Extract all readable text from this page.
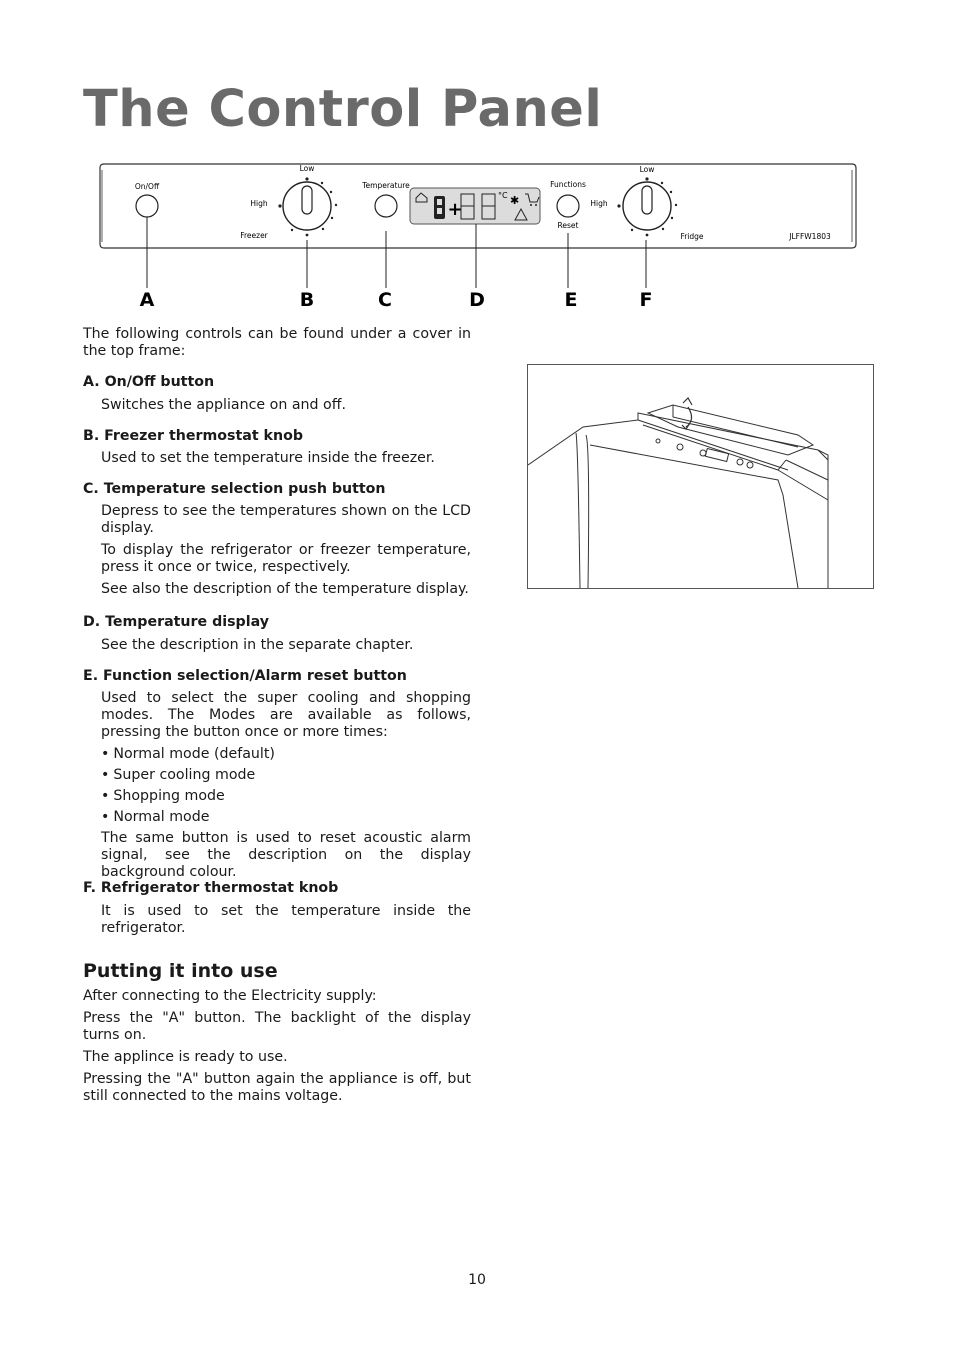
The Control Panel
On/Off
Low
High
Freezer
Temperature
+
°C ✱
Functions
Reset
Low
High
Fridge	JLFFW1803
A	B	C	D	E	F
The following controls can be found under a cover in the top frame:
A. On/Off button
Switches the appliance on and off.
B. Freezer thermostat knob
Used to set the temperature inside the freezer.
C. Temperature selection push button

Depress to see the temperatures shown on the LCD display.

To display the refrigerator or freezer temperature, press it once or twice, respectively.

See also the description of the temperature display.

D. Temperature display
See the description in the separate chapter.
E. Function selection/Alarm reset button

Used to select the super cooling and shopping modes. The Modes are available as follows, pressing the button once or more times:

• Normal mode (default)
• Super cooling mode
• Shopping mode
• Normal mode

The same button is used to reset acoustic alarm signal, see the description on the display background colour.

F. Refrigerator thermostat knob
It is used to set the temperature inside the refrigerator.
Putting it into use

After connecting to the Electricity supply:

Press the "A" button. The backlight of the display turns on.

The applince is ready to use.

Pressing the "A" button again the appliance is off, but still connected to the mains voltage.

10
